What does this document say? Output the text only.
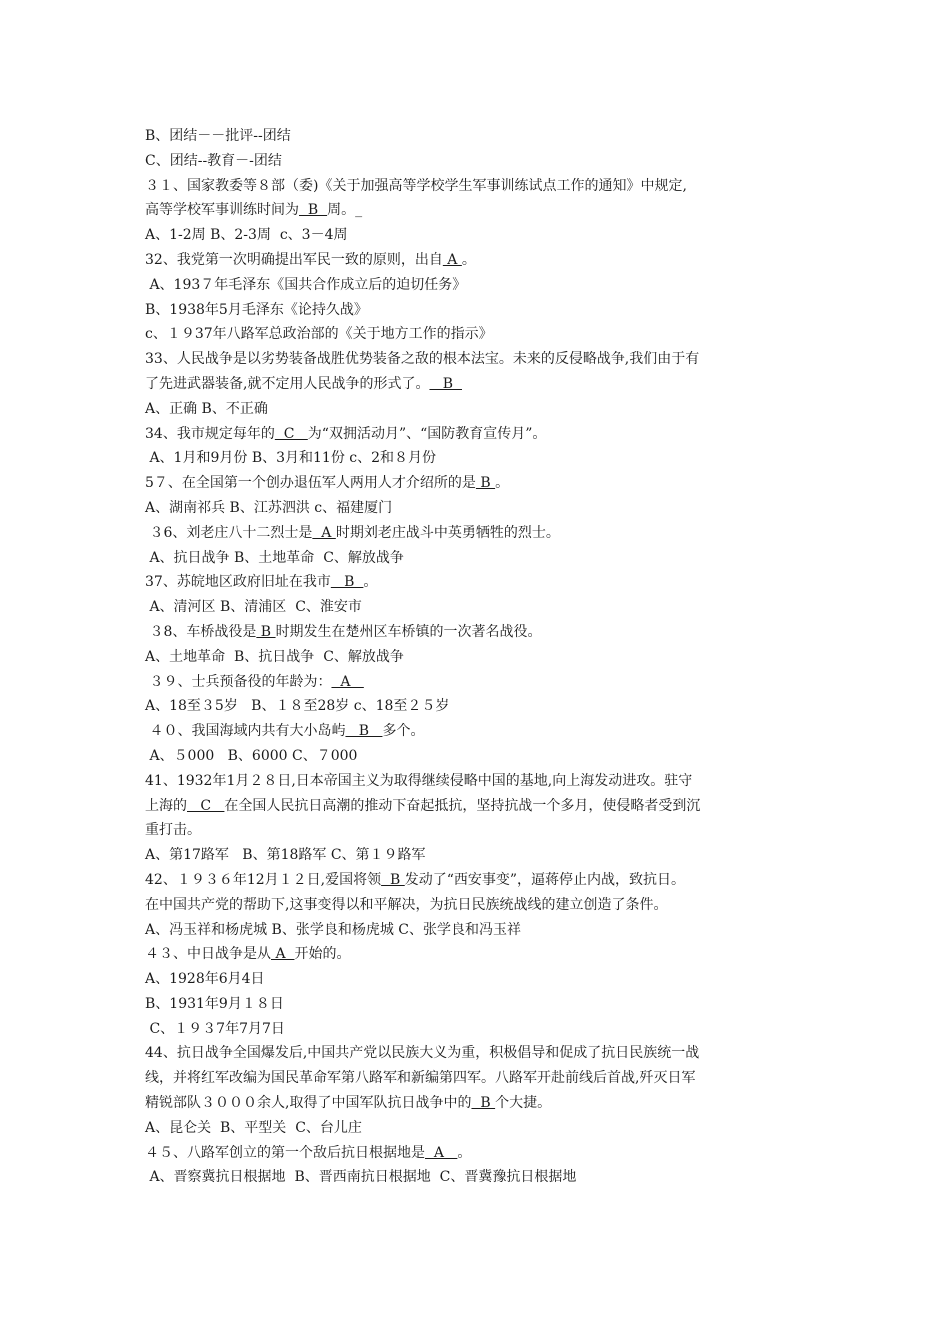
B、团结－－批评--团结

C、团结--教育－-团结

３１、国家教委等８部（委)《关于加强高等学校学生军事训练试点工作的通知》中规定,

高等学校军事训练时间为  B  周。_

A、1-2周 B、2-3周  c、3－4周

32、我党第一次明确提出军民一致的原则，出自 A 。

A、193７年毛泽东《国共合作成立后的迫切任务》

B、1938年5月毛泽东《论持久战》

c、１９37年八路军总政治部的《关于地方工作的指示》

33、人民战争是以劣势装备战胜优势装备之敌的根本法宝。未来的反侵略战争,我们由于有

了先进武器装备,就不定用人民战争的形式了。   B

A、正确 B、不正确

34、我市规定每年的  C   为“双拥活动月”、“国防教育宣传月”。

A、1月和9月份 B、3月和11份 c、2和８月份

5７、在全国第一个创办退伍军人两用人才介绍所的是 B 。

A、湖南祁兵 B、江苏泗洪 c、福建厦门

３6、刘老庄八十二烈士是  A 时期刘老庄战斗中英勇牺牲的烈士。

A、抗日战争 B、土地革命  C、解放战争

37、苏皖地区政府旧址在我市   B  。

A、清河区 B、清浦区  C、淮安市

３8、车桥战役是 B 时期发生在楚州区车桥镇的一次著名战役。

A、土地革命  B、抗日战争  C、解放战争

３９、士兵预备役的年龄为：  A

A、18至３5岁   B、１８至28岁 c、18至２５岁

４０、我国海域内共有大小岛屿   B   多个。

A、５000   B、6000 C、７000

41、1932年1月２８日,日本帝国主义为取得继续侵略中国的基地,向上海发动进攻。驻守

上海的   C   在全国人民抗日高潮的推动下奋起抵抗，坚持抗战一个多月，使侵略者受到沉

重打击。

A、第17路军   B、第18路军 C、第１９路军

42、１９３６年12月１２日,爱国将领  B 发动了“西安事变”，逼蒋停止内战，致抗日。

在中国共产党的帮助下,这事变得以和平解决，为抗日民族统战线的建立创造了条件。

A、冯玉祥和杨虎城 B、张学良和杨虎城 C、张学良和冯玉祥

４３、中日战争是从 A  开始的。

A、1928年6月4日

B、1931年9月１８日

C、１９３7年7月7日

44、抗日战争全国爆发后,中国共产党以民族大义为重，积极倡导和促成了抗日民族统一战

线，并将红军改编为国民革命军第八路军和新编第四军。八路军开赴前线后首战,歼灭日军

精锐部队３０００余人,取得了中国军队抗日战争中的  B 个大捷。

A、昆仑关  B、平型关  C、台儿庄

４５、八路军创立的第一个敌后抗日根据地是  A   。

A、晋察冀抗日根据地  B、晋西南抗日根据地  C、晋冀豫抗日根据地
